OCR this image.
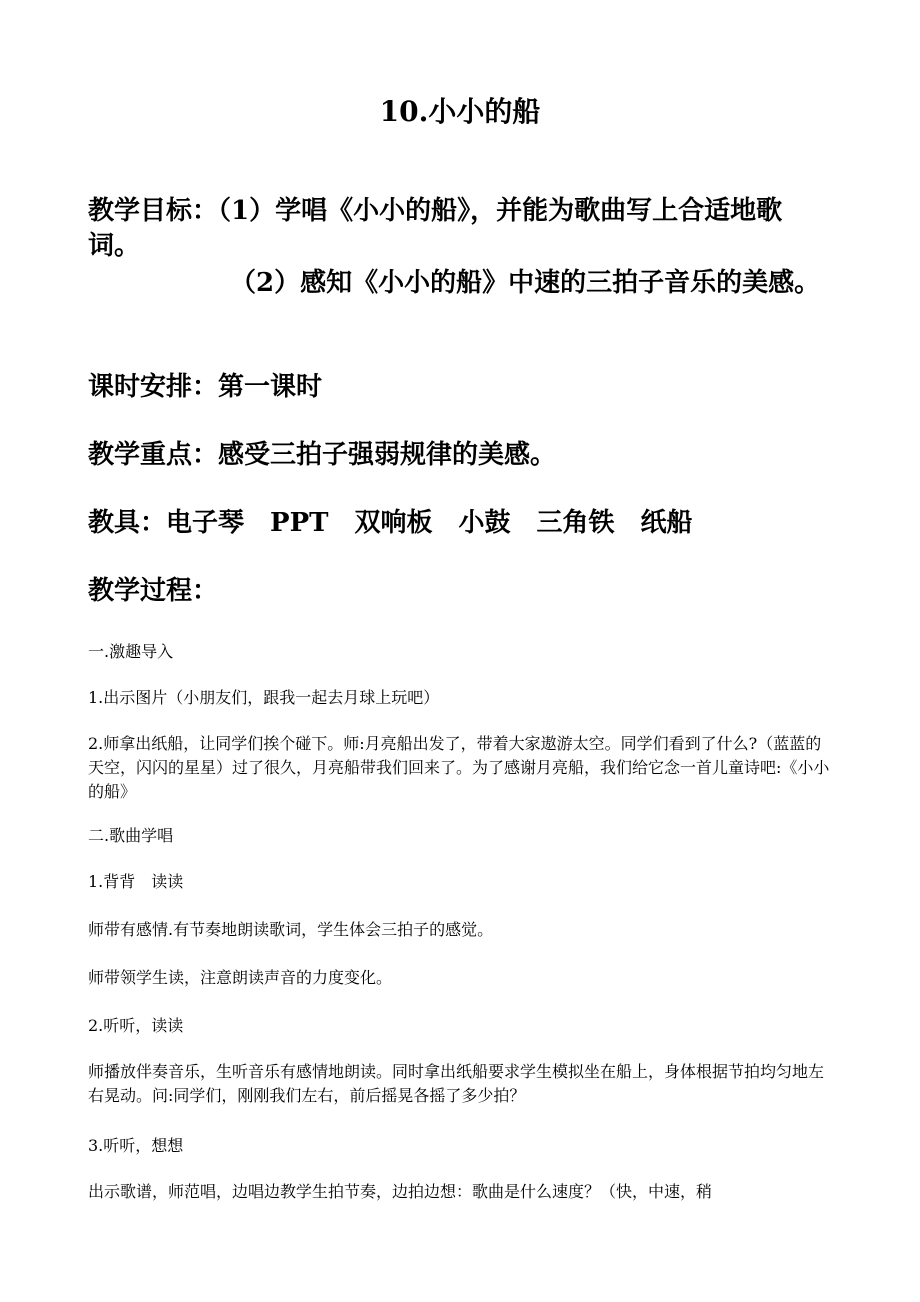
10.小小的船

教学目标：（1）学唱《小小的船》，并能为歌曲写上合适地歌词。

（2）感知《小小的船》中速的三拍子音乐的美感。

课时安排：第一课时

教学重点：感受三拍子强弱规律的美感。

教具：电子琴 PPT 双响板 小鼓 三角铁 纸船

教学过程：

一.激趣导入

1.出示图片（小朋友们，跟我一起去月球上玩吧）

2.师拿出纸船，让同学们挨个碰下。师:月亮船出发了，带着大家遨游太空。同学们看到了什么?（蓝蓝的天空，闪闪的星星）过了很久，月亮船带我们回来了。为了感谢月亮船，我们给它念一首儿童诗吧:《小小的船》

二.歌曲学唱

1.背背 读读

师带有感情.有节奏地朗读歌词，学生体会三拍子的感觉。

师带领学生读，注意朗读声音的力度变化。

2.听听，读读

师播放伴奏音乐，生听音乐有感情地朗读。同时拿出纸船要求学生模拟坐在船上，身体根据节拍均匀地左右晃动。问:同学们，刚刚我们左右，前后摇晃各摇了多少拍？

3.听听，想想

出示歌谱，师范唱，边唱边教学生拍节奏，边拍边想：歌曲是什么速度？（快，中速，稍
